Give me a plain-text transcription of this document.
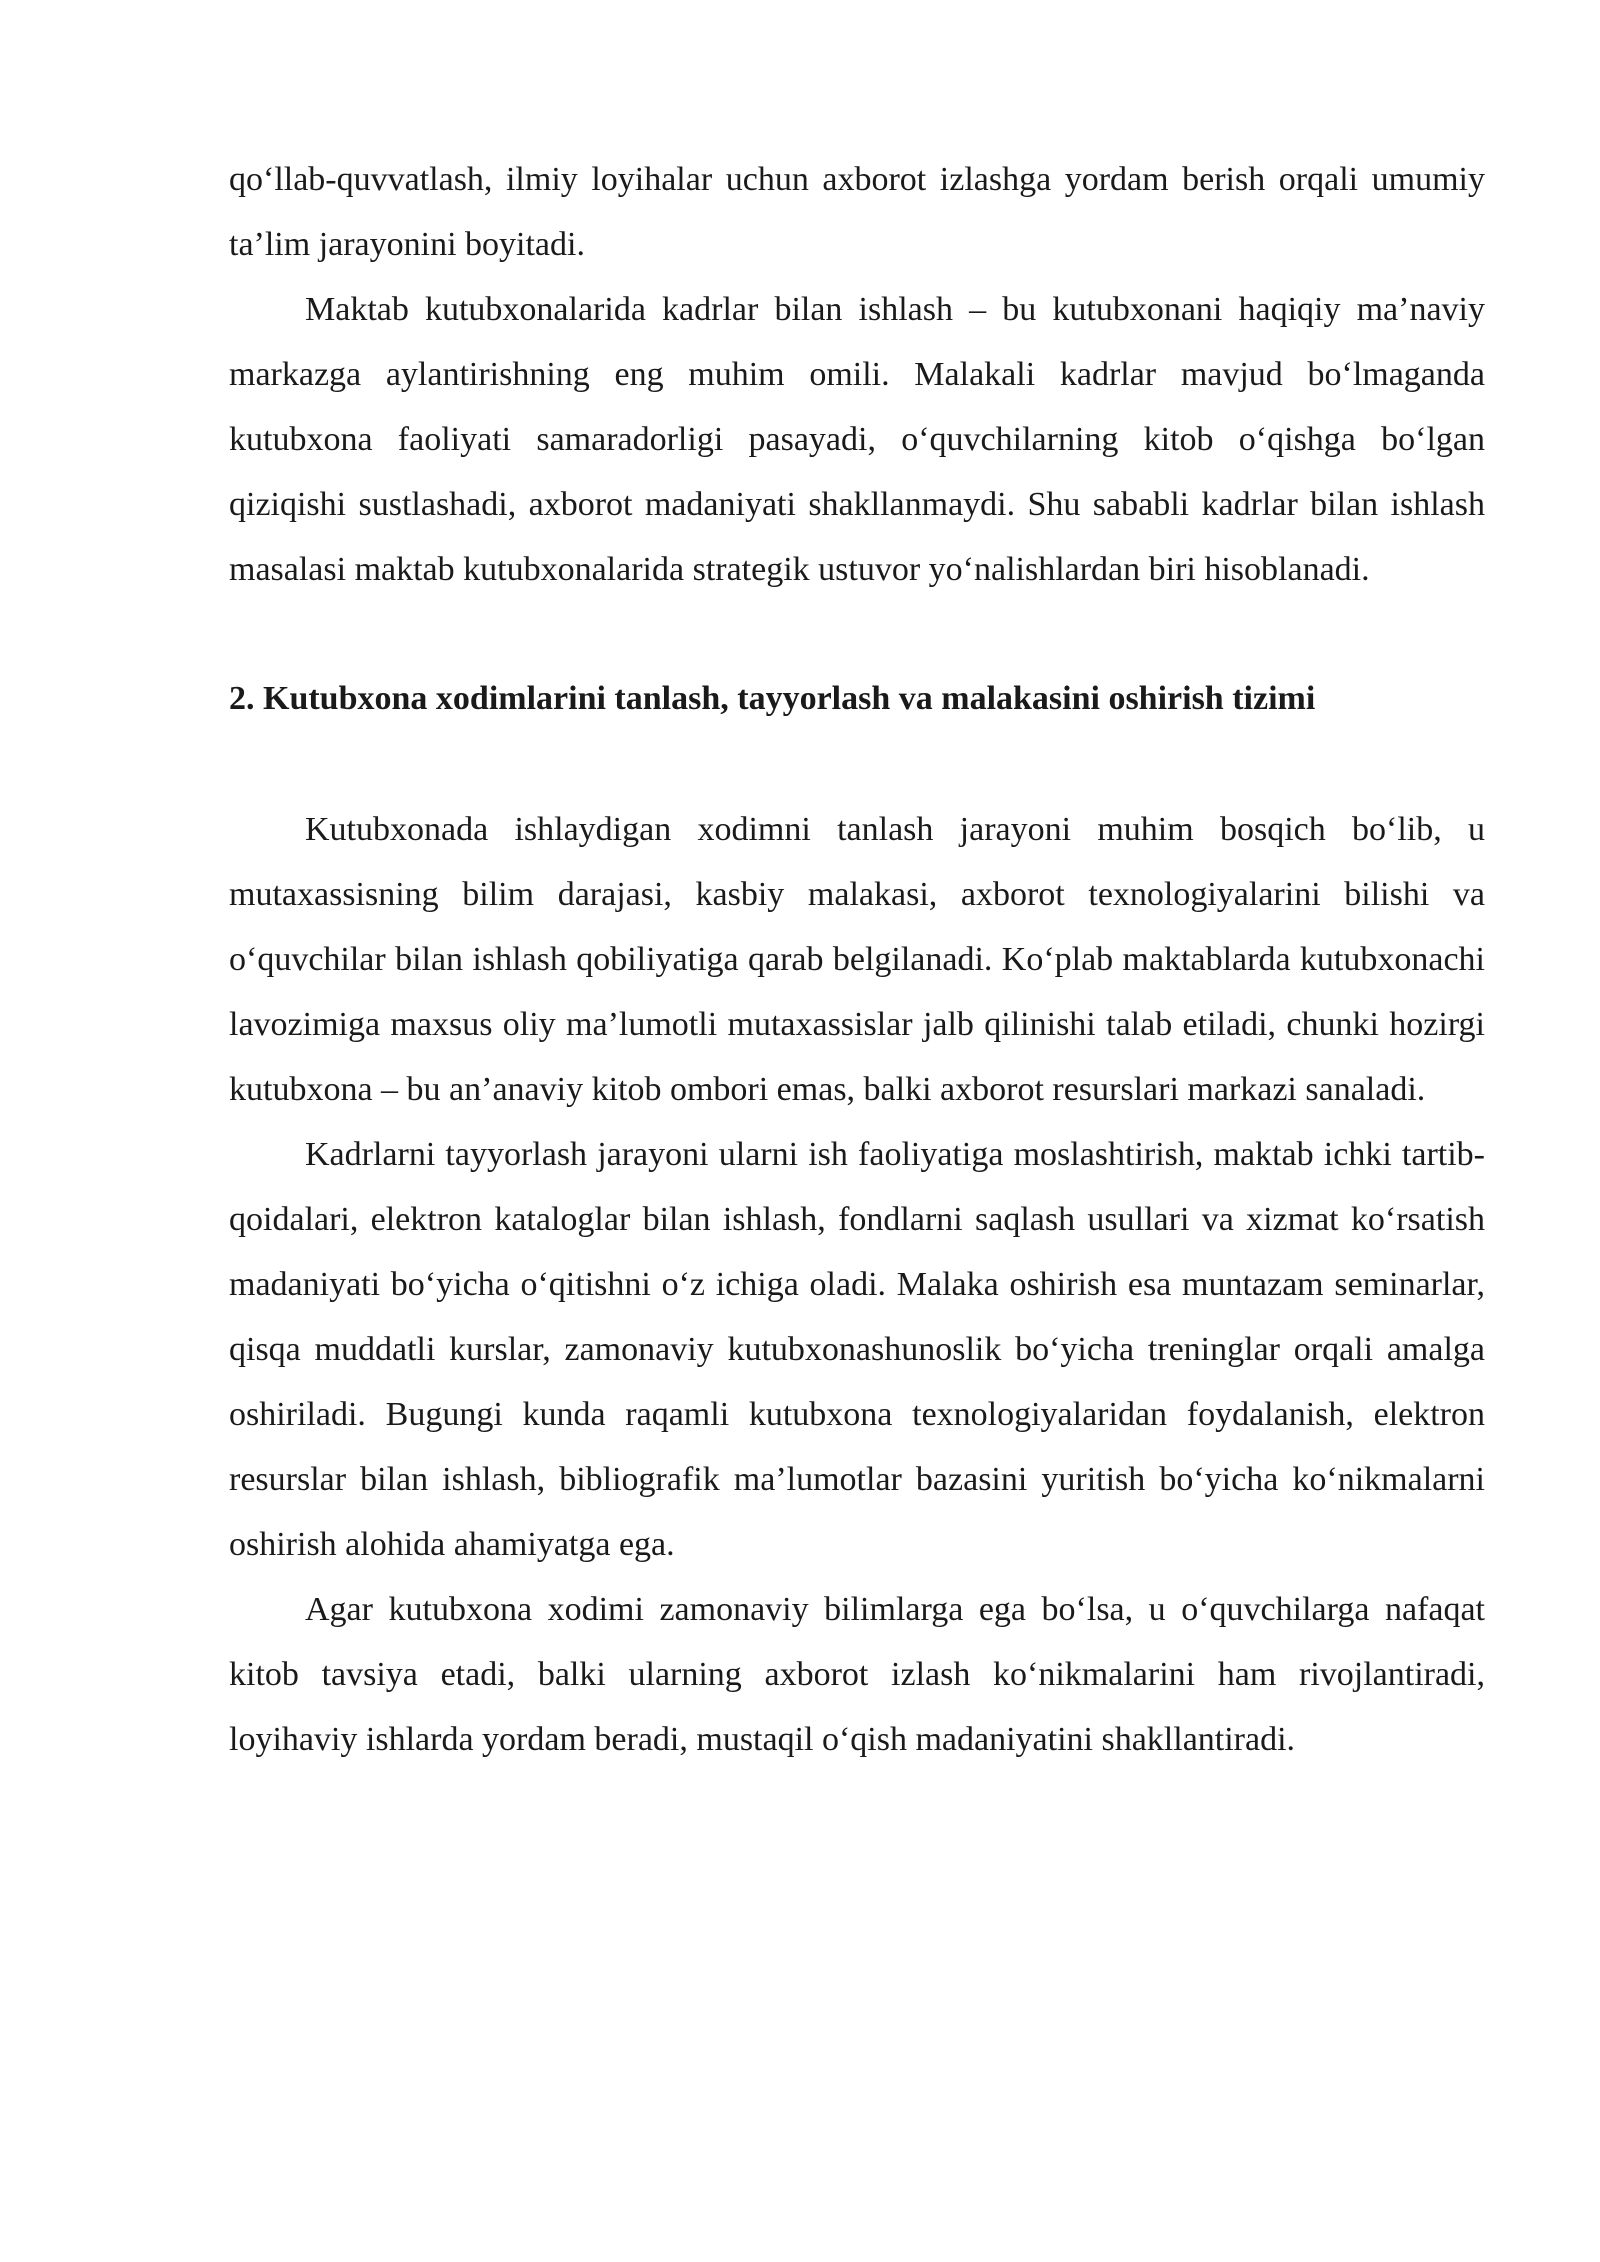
qo‘llab-quvvatlash, ilmiy loyihalar uchun axborot izlashga yordam berish orqali umumiy ta’lim jarayonini boyitadi.

Maktab kutubxonalarida kadrlar bilan ishlash – bu kutubxonani haqiqiy ma’naviy markazga aylantirishning eng muhim omili. Malakali kadrlar mavjud bo‘lmaganda kutubxona faoliyati samaradorligi pasayadi, o‘quvchilarning kitob o‘qishga bo‘lgan qiziqishi sustlashadi, axborot madaniyati shakllanmaydi. Shu sababli kadrlar bilan ishlash masalasi maktab kutubxonalarida strategik ustuvor yo‘nalishlardan biri hisoblanadi.

2. Kutubxona xodimlarini tanlash, tayyorlash va malakasini oshirish tizimi

Kutubxonada ishlaydigan xodimni tanlash jarayoni muhim bosqich bo‘lib, u mutaxassisning bilim darajasi, kasbiy malakasi, axborot texnologiyalarini bilishi va o‘quvchilar bilan ishlash qobiliyatiga qarab belgilanadi. Ko‘plab maktablarda kutubxonachi lavozimiga maxsus oliy ma’lumotli mutaxassislar jalb qilinishi talab etiladi, chunki hozirgi kutubxona – bu an’anaviy kitob ombori emas, balki axborot resurslari markazi sanaladi.

Kadrlarni tayyorlash jarayoni ularni ish faoliyatiga moslashtirish, maktab ichki tartib-qoidalari, elektron kataloglar bilan ishlash, fondlarni saqlash usullari va xizmat ko‘rsatish madaniyati bo‘yicha o‘qitishni o‘z ichiga oladi. Malaka oshirish esa muntazam seminarlar, qisqa muddatli kurslar, zamonaviy kutubxonashunoslik bo‘yicha treninglar orqali amalga oshiriladi. Bugungi kunda raqamli kutubxona texnologiyalaridan foydalanish, elektron resurslar bilan ishlash, bibliografik ma’lumotlar bazasini yuritish bo‘yicha ko‘nikmalarni oshirish alohida ahamiyatga ega.

Agar kutubxona xodimi zamonaviy bilimlarga ega bo‘lsa, u o‘quvchilarga nafaqat kitob tavsiya etadi, balki ularning axborot izlash ko‘nikmalarini ham rivojlantiradi, loyihaviy ishlarda yordam beradi, mustaqil o‘qish madaniyatini shakllantiradi.
